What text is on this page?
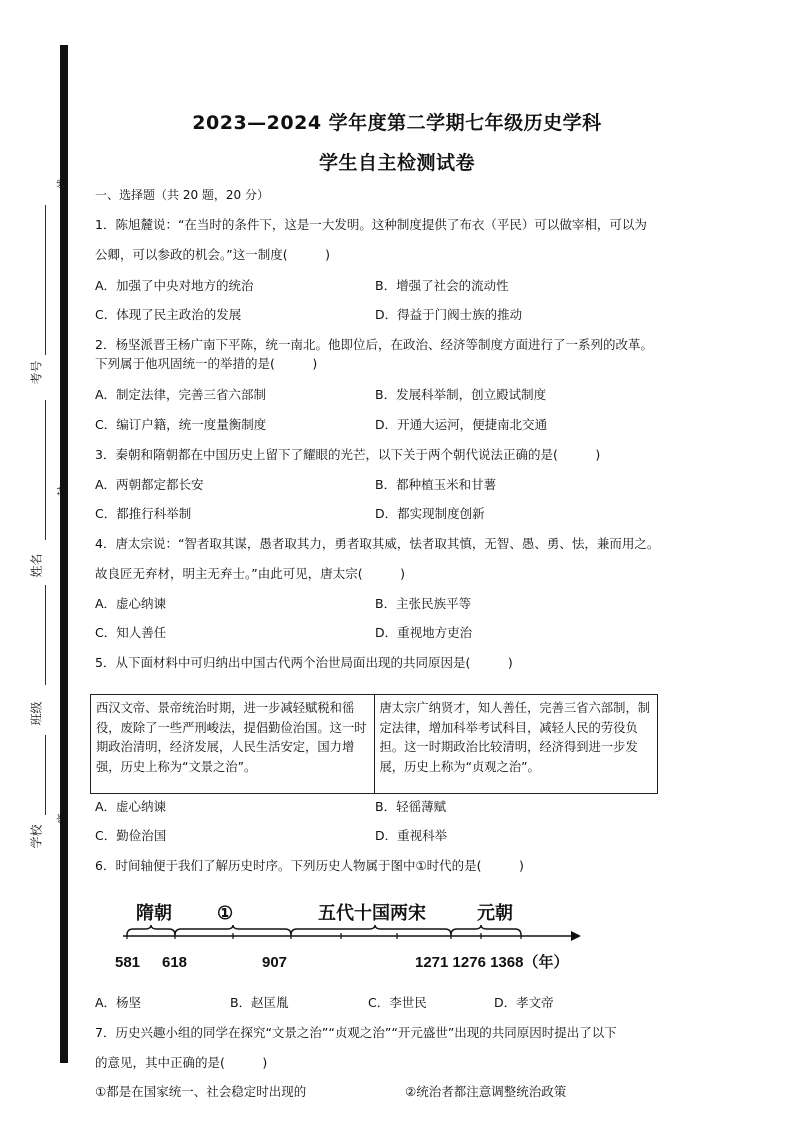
考号
姓名
班级
学校
线
封
密
2023—2024 学年度第二学期七年级历史学科
学生自主检测试卷
一、选择题（共 20 题，20 分）
1．陈旭麓说：“在当时的条件下，这是一大发明。这种制度提供了布衣（平民）可以做宰相，可以为
公卿，可以参政的机会。”这一制度(　　　)
A．加强了中央对地方的统治	B．增强了社会的流动性
C．体现了民主政治的发展	D．得益于门阀士族的推动
2．杨坚派晋王杨广南下平陈，统一南北。他即位后，在政治、经济等制度方面进行了一系列的改革。
下列属于他巩固统一的举措的是(　　　)
A．制定法律，完善三省六部制	B．发展科举制，创立殿试制度
C．编订户籍，统一度量衡制度	D．开通大运河，便捷南北交通
3．秦朝和隋朝都在中国历史上留下了耀眼的光芒，以下关于两个朝代说法正确的是(　　　)
A．两朝都定都长安	B．都种植玉米和甘薯
C．都推行科举制	D．都实现制度创新
4．唐太宗说：“智者取其谋，愚者取其力，勇者取其威，怯者取其慎，无智、愚、勇、怯，兼而用之。
故良匠无弃材，明主无弃士。”由此可见，唐太宗(　　　)
A．虚心纳谏	B．主张民族平等
C．知人善任	D．重视地方吏治
5．从下面材料中可归纳出中国古代两个治世局面出现的共同原因是(　　　)
西汉文帝、景帝统治时期，进一步减轻赋税和徭役，废除了一些严刑峻法，提倡勤俭治国。这一时期政治清明，经济发展，人民生活安定，国力增强，历史上称为“文景之治”。
唐太宗广纳贤才，知人善任，完善三省六部制，制定法律，增加科举考试科目，减轻人民的劳役负担。这一时期政治比较清明，经济得到进一步发展，历史上称为“贞观之治”。
A．虚心纳谏	B．轻徭薄赋
C．勤俭治国	D．重视科举
6．时间轴便于我们了解历史时序。下列历史人物属于图中①时代的是(　　　)
隋朝	①	五代十国两宋	元朝
581 618	907	1271 1276 1368（年）
A．杨坚	B．赵匡胤	C．李世民	D．孝文帝
7．历史兴趣小组的同学在探究“文景之治”“贞观之治”“开元盛世”出现的共同原因时提出了以下
的意见，其中正确的是(　　　)
①都是在国家统一、社会稳定时出现的	②统治者都注意调整统治政策
